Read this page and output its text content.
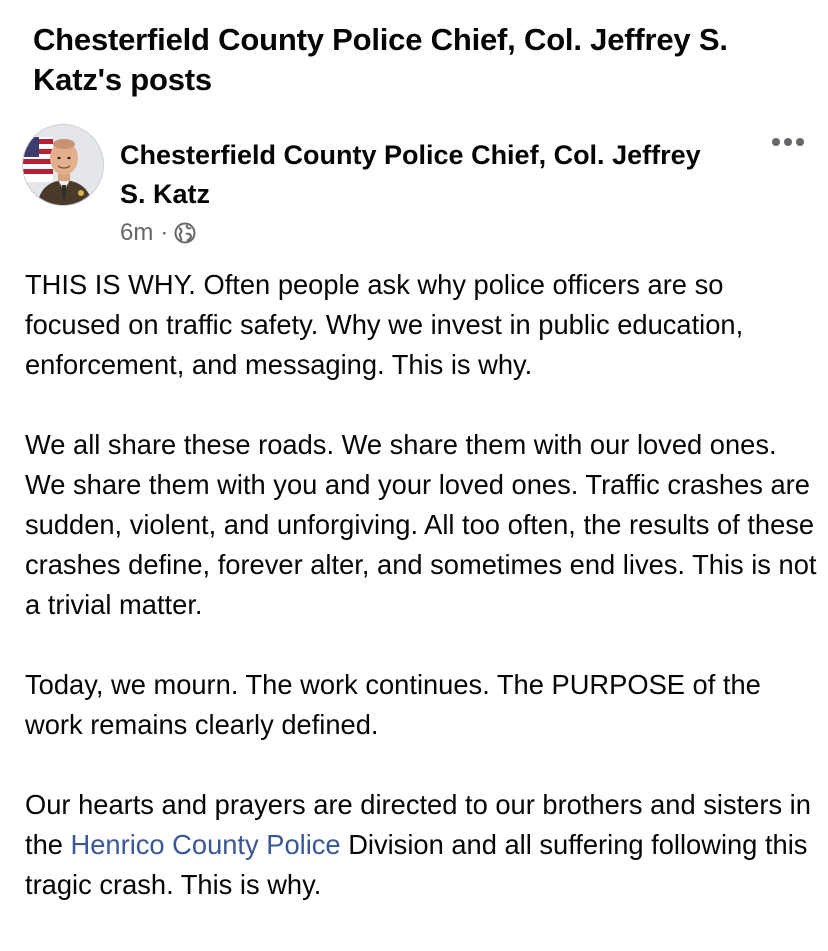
Chesterfield County Police Chief, Col. Jeffrey S. Katz's posts
Chesterfield County Police Chief, Col. Jeffrey S. Katz
6m ·

THIS IS WHY. Often people ask why police officers are so focused on traffic safety. Why we invest in public education, enforcement, and messaging. This is why.

We all share these roads. We share them with our loved ones. We share them with you and your loved ones. Traffic crashes are sudden, violent, and unforgiving. All too often, the results of these crashes define, forever alter, and sometimes end lives. This is not a trivial matter.

Today, we mourn. The work continues. The PURPOSE of the work remains clearly defined.

Our hearts and prayers are directed to our brothers and sisters in the Henrico County Police Division and all suffering following this tragic crash. This is why.
